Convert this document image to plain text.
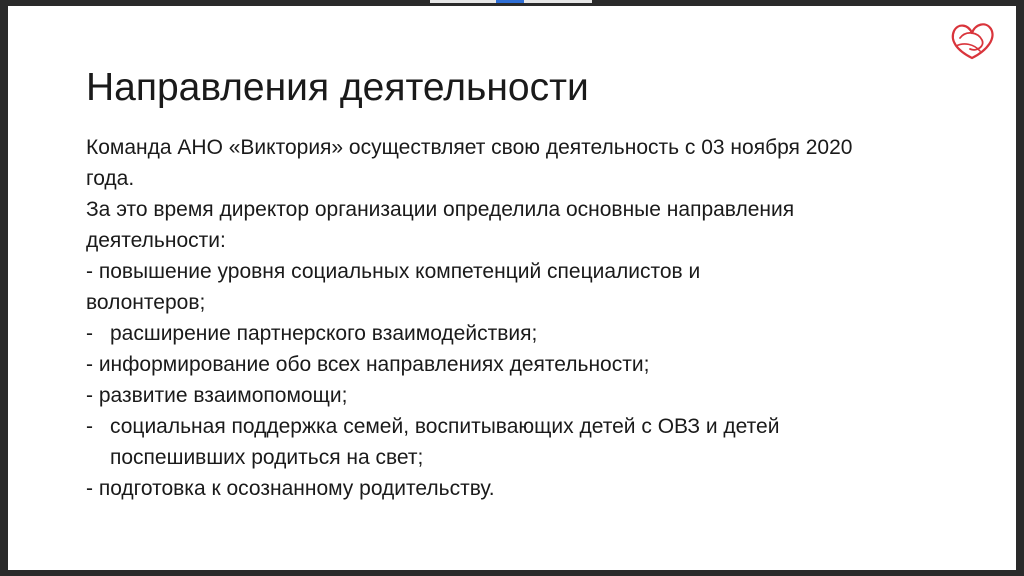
Направления деятельности
Команда АНО «Виктория» осуществляет свою деятельность с 03 ноября 2020
года.
За это время директор организации определила основные направления
деятельности:
- повышение уровня социальных компетенций специалистов и
волонтеров;
- расширение партнерского взаимодействия;
- информирование обо всех направлениях деятельности;
- развитие взаимопомощи;
- социальная поддержка семей, воспитывающих детей с ОВЗ и детей
поспешивших родиться на свет;
- подготовка к осознанному родительству.
